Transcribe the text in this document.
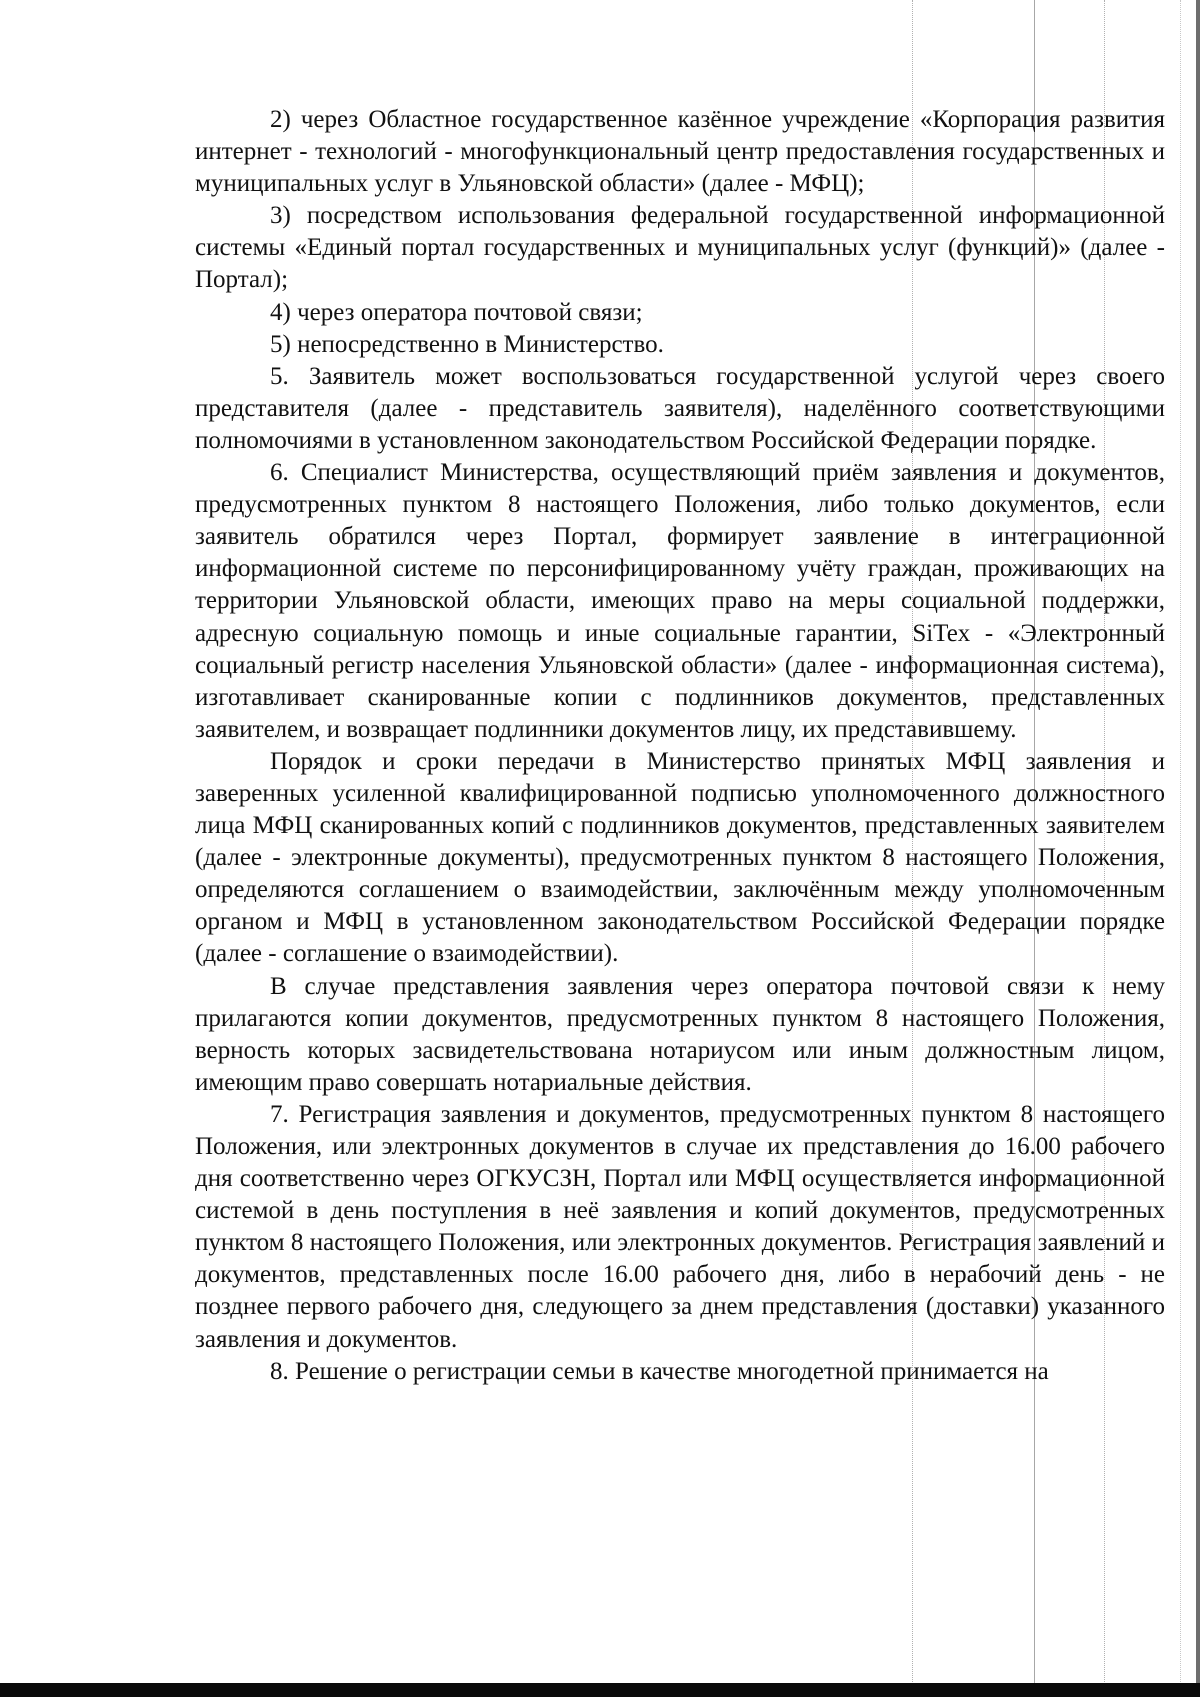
2) через Областное государственное казённое учреждение «Корпорация развития интернет - технологий - многофункциональный центр предоставления государственных и муниципальных услуг в Ульяновской области» (далее - МФЦ);

3) посредством использования федеральной государственной информационной системы «Единый портал государственных и муниципальных услуг (функций)» (далее - Портал);

4) через оператора почтовой связи;

5) непосредственно в Министерство.

5. Заявитель может воспользоваться государственной услугой через своего представителя (далее - представитель заявителя), наделённого соответствующими полномочиями в установленном законодательством Российской Федерации порядке.

6. Специалист Министерства, осуществляющий приём заявления и документов, предусмотренных пунктом 8 настоящего Положения, либо только документов, если заявитель обратился через Портал, формирует заявление в интеграционной информационной системе по персонифицированному учёту граждан, проживающих на территории Ульяновской области, имеющих право на меры социальной поддержки, адресную социальную помощь и иные социальные гарантии, SiTex - «Электронный социальный регистр населения Ульяновской области» (далее - информационная система), изготавливает сканированные копии с подлинников документов, представленных заявителем, и возвращает подлинники документов лицу, их представившему.

Порядок и сроки передачи в Министерство принятых МФЦ заявления и заверенных усиленной квалифицированной подписью уполномоченного должностного лица МФЦ сканированных копий с подлинников документов, представленных заявителем (далее - электронные документы), предусмотренных пунктом 8 настоящего Положения, определяются соглашением о взаимодействии, заключённым между уполномоченным органом и МФЦ в установленном законодательством Российской Федерации порядке (далее - соглашение о взаимодействии).

В случае представления заявления через оператора почтовой связи к нему прилагаются копии документов, предусмотренных пунктом 8 настоящего Положения, верность которых засвидетельствована нотариусом или иным должностным лицом, имеющим право совершать нотариальные действия.

7. Регистрация заявления и документов, предусмотренных пунктом 8 настоящего Положения, или электронных документов в случае их представления до 16.00 рабочего дня соответственно через ОГКУСЗН, Портал или МФЦ осуществляется информационной системой в день поступления в неё заявления и копий документов, предусмотренных пунктом 8 настоящего Положения, или электронных документов. Регистрация заявлений и документов, представленных после 16.00 рабочего дня, либо в нерабочий день - не позднее первого рабочего дня, следующего за днем представления (доставки) указанного заявления и документов.

8. Решение о регистрации семьи в качестве многодетной принимается на
